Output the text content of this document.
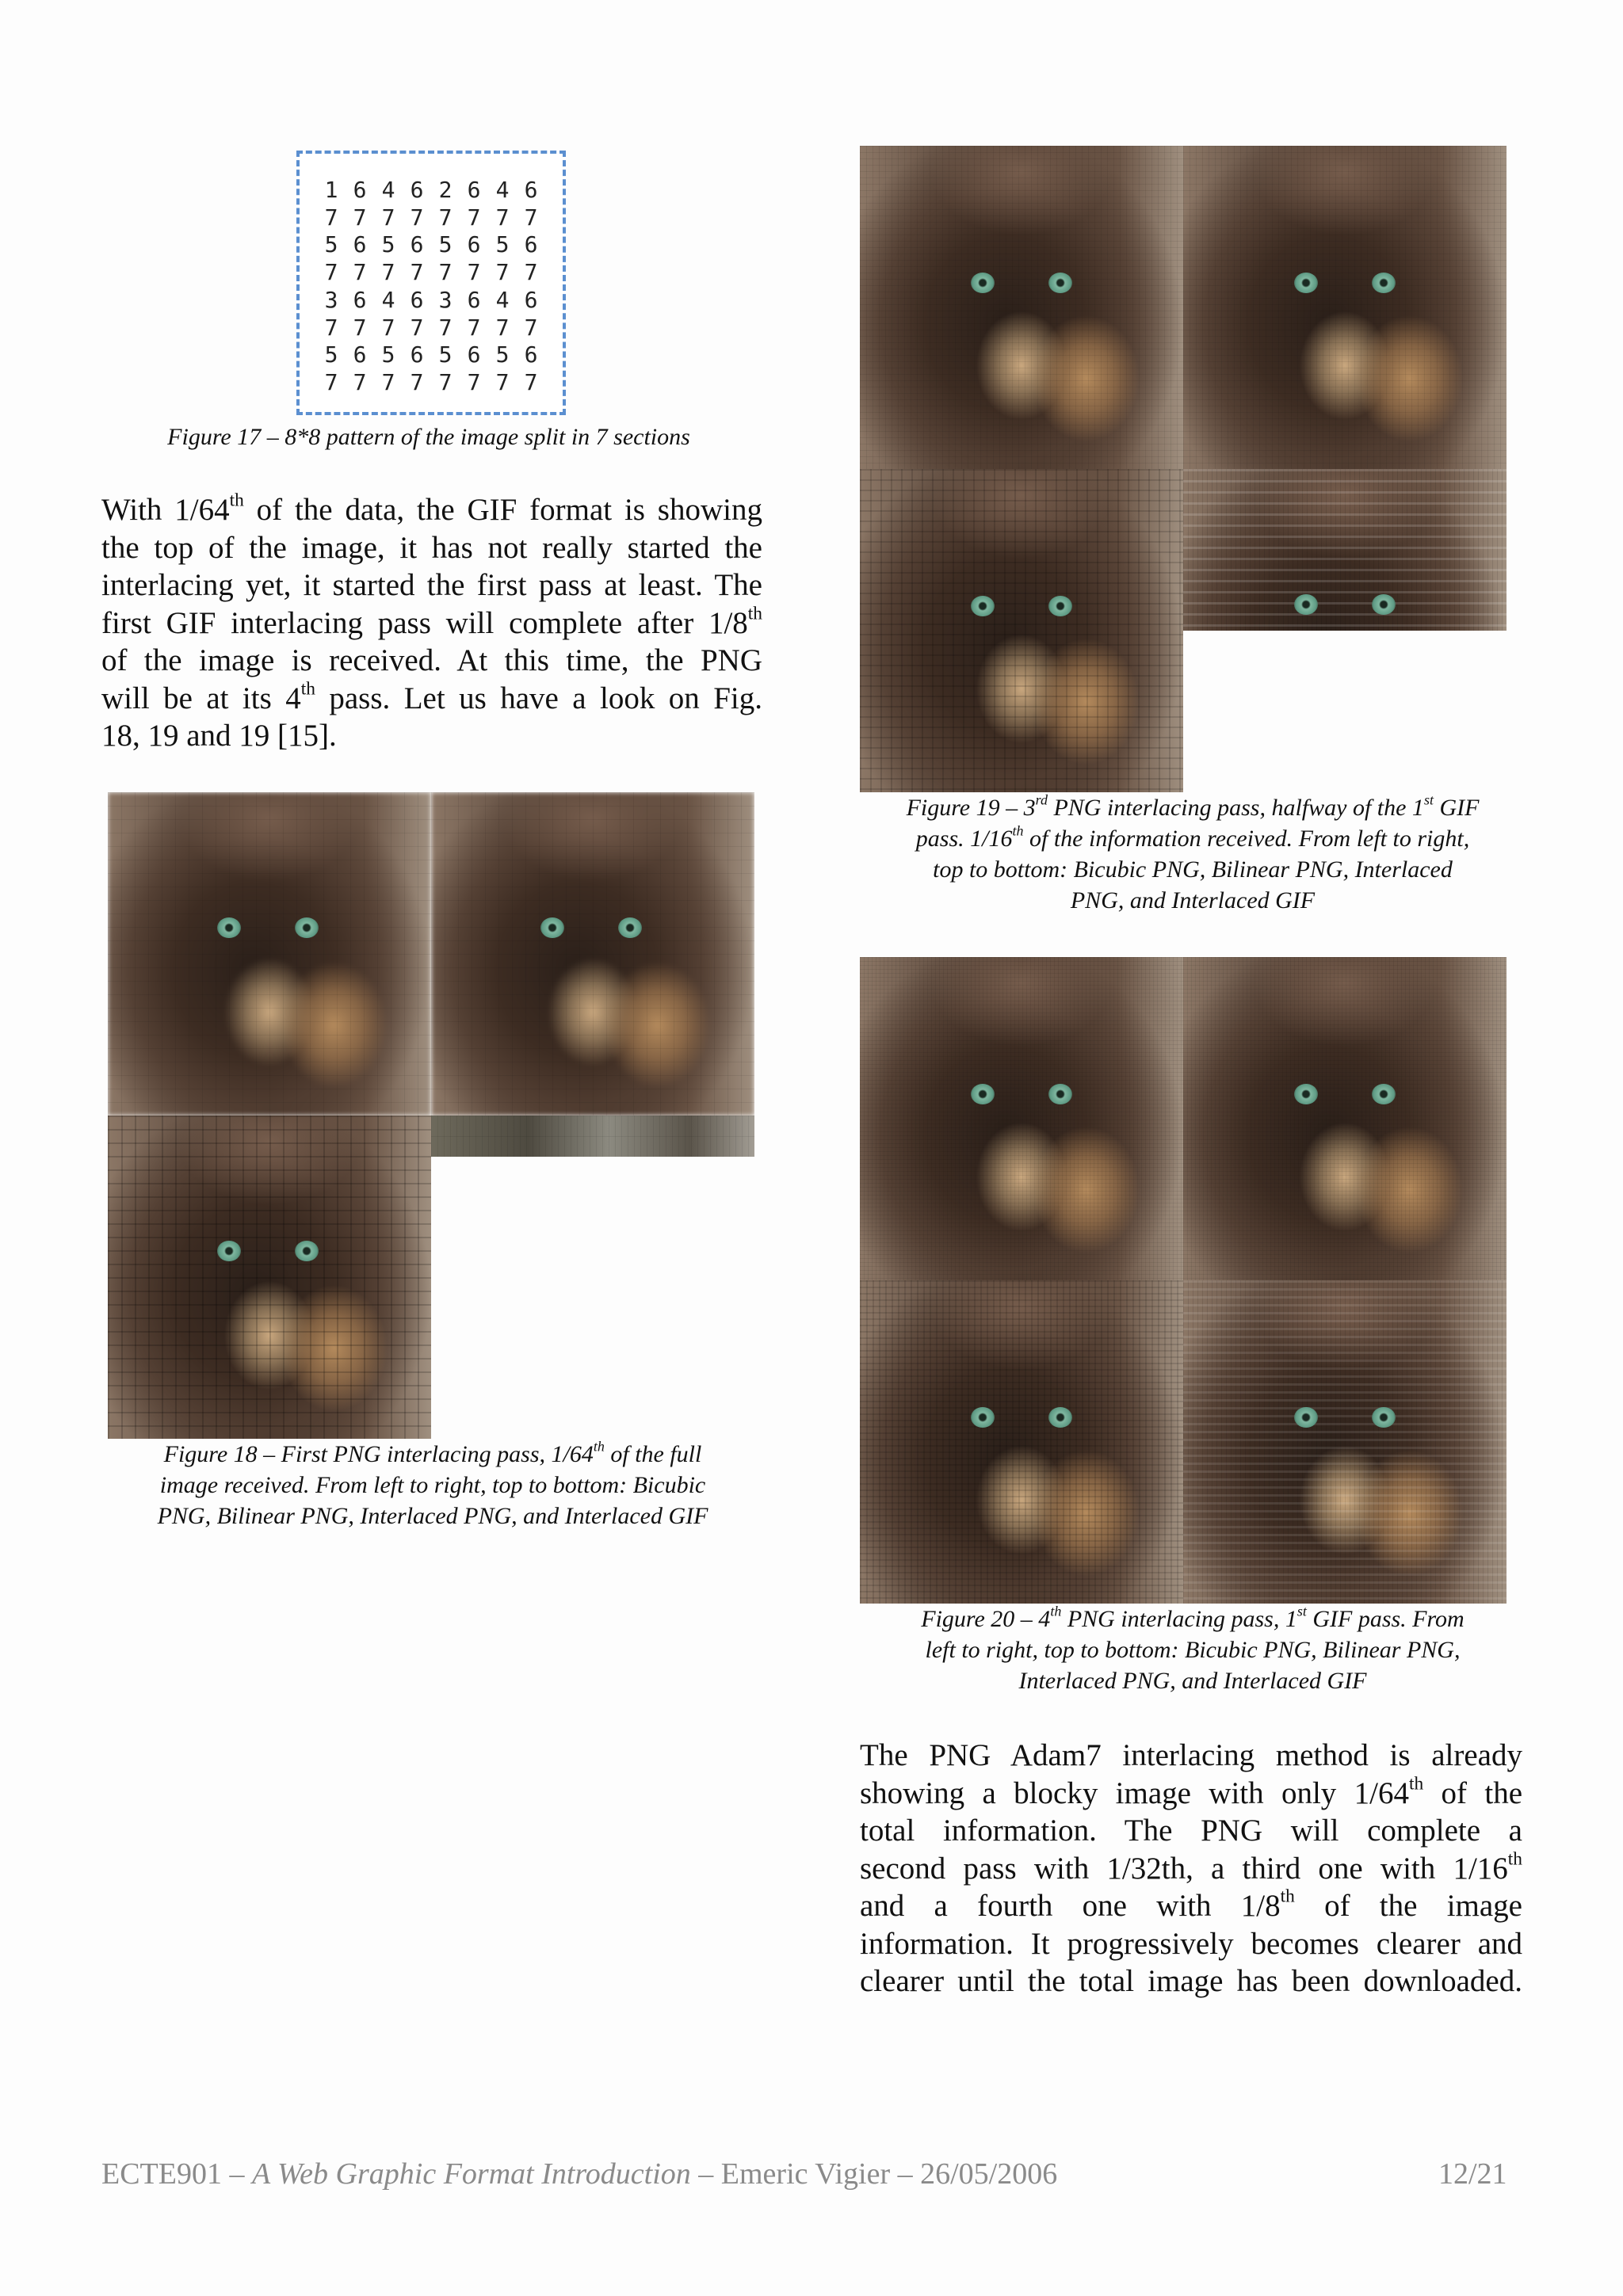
1 6 4 6 2 6 4 6
7 7 7 7 7 7 7 7
5 6 5 6 5 6 5 6
7 7 7 7 7 7 7 7
3 6 4 6 3 6 4 6
7 7 7 7 7 7 7 7
5 6 5 6 5 6 5 6
7 7 7 7 7 7 7 7
Figure 17 – 8*8 pattern of the image split in 7 sections
With 1/64th of the data, the GIF format is showing
the top of the image, it has not really started the
interlacing yet, it started the first pass at least. The
first GIF interlacing pass will complete after 1/8th
of the image is received. At this time, the PNG
will be at its 4th pass. Let us have a look on Fig.
18, 19 and 19 [15].
Figure 18 – First PNG interlacing pass, 1/64th of the full
image received. From left to right, top to bottom: Bicubic
PNG, Bilinear PNG, Interlaced PNG, and Interlaced GIF
Figure 19 – 3rd PNG interlacing pass, halfway of the 1st GIF
pass. 1/16th of the information received. From left to right,
top to bottom: Bicubic PNG, Bilinear PNG, Interlaced
PNG, and Interlaced GIF
Figure 20 – 4th PNG interlacing pass, 1st GIF pass. From
left to right, top to bottom: Bicubic PNG, Bilinear PNG,
Interlaced PNG, and Interlaced GIF
The PNG Adam7 interlacing method is already
showing a blocky image with only 1/64th of the
total information. The PNG will complete a
second pass with 1/32th, a third one with 1/16th
and a fourth one with 1/8th of the image
information. It progressively becomes clearer and
clearer until the total image has been downloaded.
ECTE901 – A Web Graphic Format Introduction – Emeric Vigier – 26/05/2006	12/21
